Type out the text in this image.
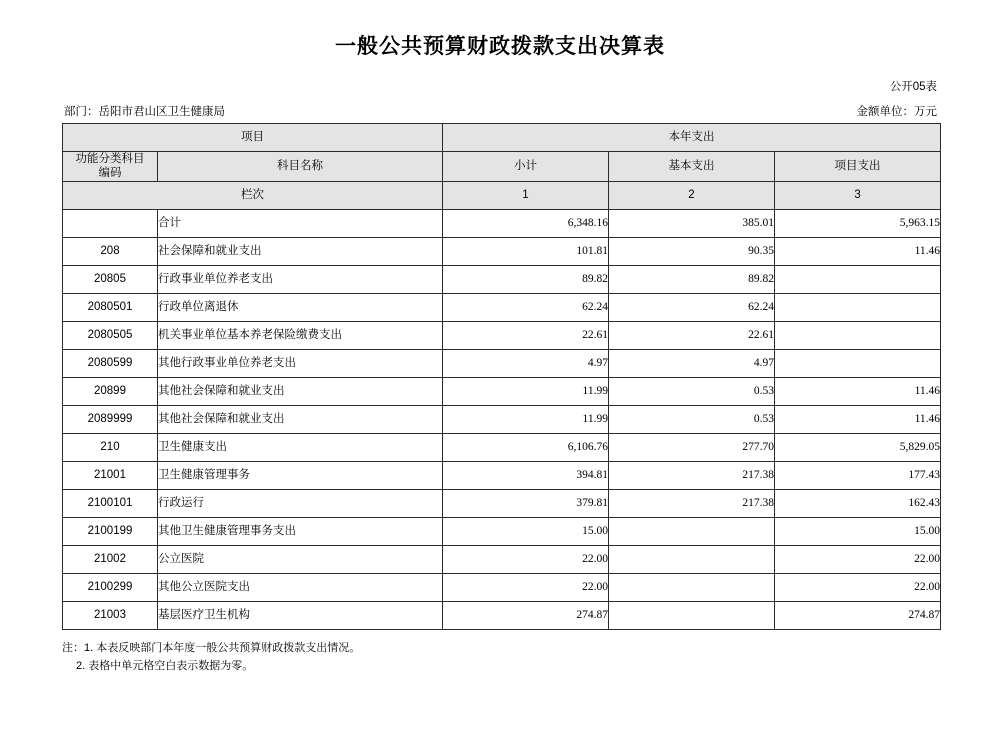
一般公共预算财政拨款支出决算表
公开05表
部门：岳阳市君山区卫生健康局	金额单位：万元
项目		本年支出		

功能分类科目
编码	科目名称	小计	基本支出	项目支出
栏次		1	2	3
	合计	6,348.16	385.01	5,963.15
208	社会保障和就业支出	101.81	90.35	11.46
20805	行政事业单位养老支出	89.82	89.82	
2080501	行政单位离退休	62.24	62.24	
2080505	机关事业单位基本养老保险缴费支出	22.61	22.61	
2080599	其他行政事业单位养老支出	4.97	4.97	
20899	其他社会保障和就业支出	11.99	0.53	11.46
2089999	其他社会保障和就业支出	11.99	0.53	11.46
210	卫生健康支出	6,106.76	277.70	5,829.05
21001	卫生健康管理事务	394.81	217.38	177.43
2100101	行政运行	379.81	217.38	162.43
2100199	其他卫生健康管理事务支出	15.00		15.00
21002	公立医院	22.00		22.00
2100299	其他公立医院支出	22.00		22.00
21003	基层医疗卫生机构	274.87		274.87
注：1. 本表反映部门本年度一般公共预算财政拨款支出情况。
2. 表格中单元格空白表示数据为零。
